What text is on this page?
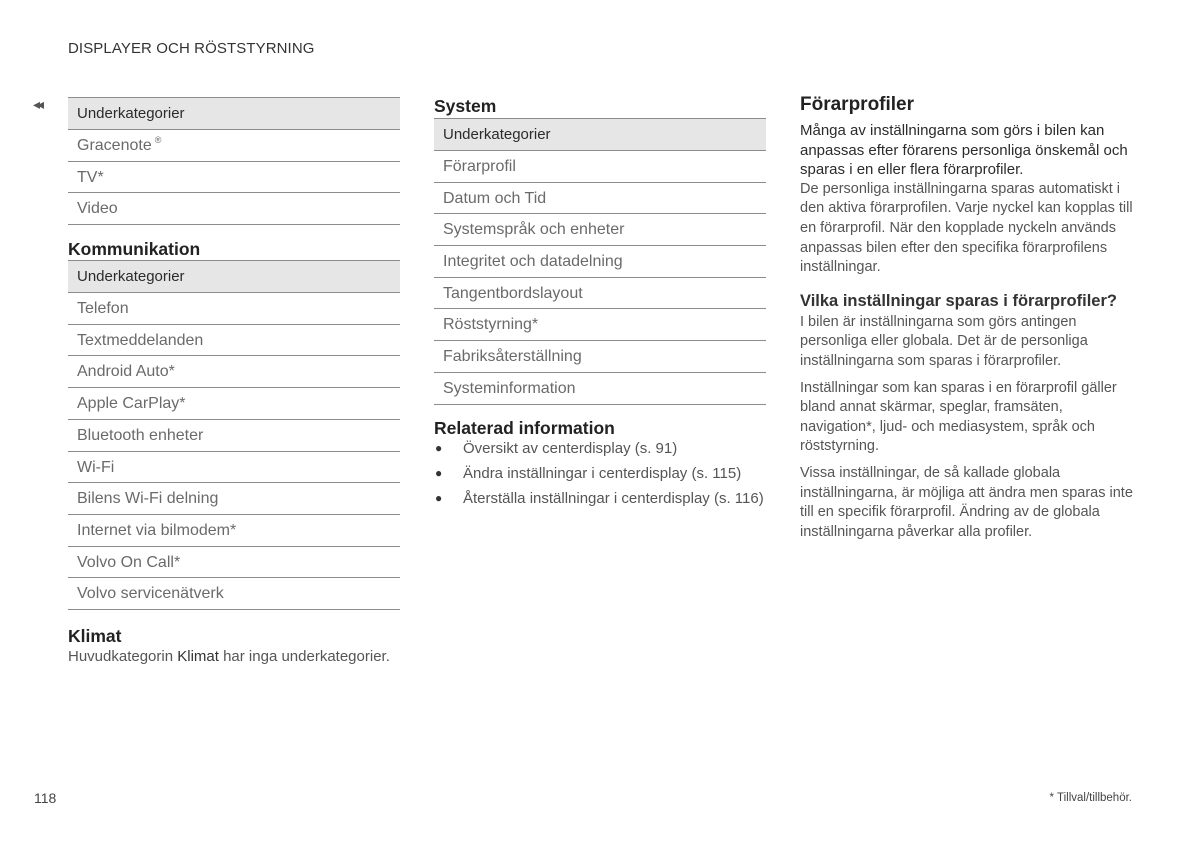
DISPLAYER OCH RÖSTSTYRNING
◂◂
Underkategorier
Gracenote ®
TV*
Video
Kommunikation
Underkategorier
Telefon
Textmeddelanden
Android Auto*
Apple CarPlay*
Bluetooth enheter
Wi-Fi
Bilens Wi-Fi delning
Internet via bilmodem*
Volvo On Call*
Volvo servicenätverk
Klimat
Huvudkategorin Klimat har inga underkategorier.
System
Underkategorier
Förarprofil
Datum och Tid
Systemspråk och enheter
Integritet och datadelning
Tangentbordslayout
Röststyrning*
Fabriksåterställning
Systeminformation
Relaterad information
● Översikt av centerdisplay (s. 91)
● Ändra inställningar i centerdisplay (s. 115)
● Återställa inställningar i centerdisplay (s. 116)
Förarprofiler

Många av inställningarna som görs i bilen kan anpassas efter förarens personliga önskemål och sparas i en eller flera förarprofiler.

De personliga inställningarna sparas automatiskt i den aktiva förarprofilen. Varje nyckel kan kopplas till en förarprofil. När den kopplade nyckeln används anpassas bilen efter den specifika förarprofilens inställningar.

Vilka inställningar sparas i förarprofiler?

I bilen är inställningarna som görs antingen personliga eller globala. Det är de personliga inställningarna som sparas i förarprofiler.

Inställningar som kan sparas i en förarprofil gäller bland annat skärmar, speglar, framsäten, navigation*, ljud- och mediasystem, språk och röststyrning.

Vissa inställningar, de så kallade globala inställningarna, är möjliga att ändra men sparas inte till en specifik förarprofil. Ändring av de globala inställningarna påverkar alla profiler.

118	* Tillval/tillbehör.
